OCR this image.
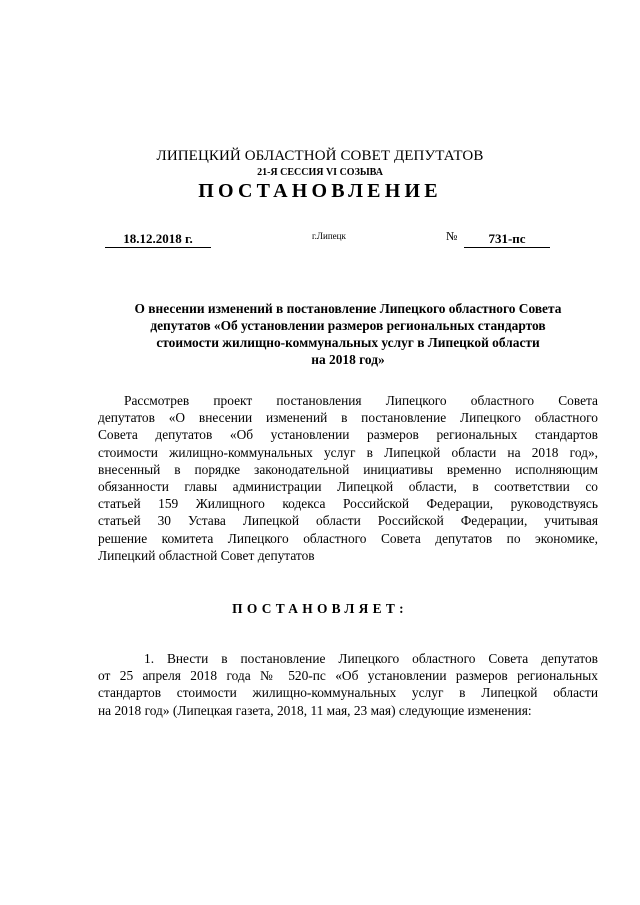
ЛИПЕЦКИЙ ОБЛАСТНОЙ СОВЕТ ДЕПУТАТОВ
21-Я СЕССИЯ VI СОЗЫВА
ПОСТАНОВЛЕНИЕ
18.12.2018 г.	г.Липецк	№	731-пс
О внесении изменений в постановление Липецкого областного Совета
депутатов «Об установлении размеров региональных стандартов
стоимости жилищно-коммунальных услуг в Липецкой области
на 2018 год»
Рассмотрев проект постановления Липецкого областного Совета
депутатов «О внесении изменений в постановление Липецкого областного
Совета депутатов «Об установлении размеров региональных стандартов
стоимости жилищно-коммунальных услуг в Липецкой области на 2018 год»,
внесенный в порядке законодательной инициативы временно исполняющим
обязанности главы администрации Липецкой области, в соответствии со
статьей 159 Жилищного кодекса Российской Федерации, руководствуясь
статьей 30 Устава Липецкой области Российской Федерации, учитывая
решение комитета Липецкого областного Совета депутатов по экономике,
Липецкий областной Совет депутатов
ПОСТАНОВЛЯЕТ:
1. Внести в постановление Липецкого областного Совета депутатов
от 25 апреля 2018 года № 520-пс «Об установлении размеров региональных
стандартов стоимости жилищно-коммунальных услуг в Липецкой области
на 2018 год» (Липецкая газета, 2018, 11 мая, 23 мая) следующие изменения:
